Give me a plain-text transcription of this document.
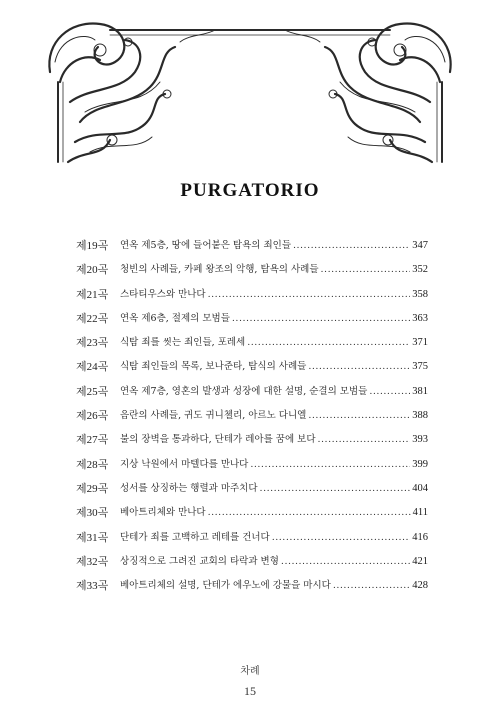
PURGATORIO
제19곡	연옥 제5층, 땅에 들어붙은 탐욕의 죄인들 .....	347
제20곡	청빈의 사례들, 카페 왕조의 악행, 탐욕의 사례들 .....	352
제21곡	스타티우스와 만나다 .....	358
제22곡	연옥 제6층, 절제의 모범들 .....	363
제23곡	식탐 죄를 씻는 죄인들, 포레세 .....	371
제24곡	식탐 죄인들의 목록, 보나준타, 탐식의 사례들 .....	375
제25곡	연옥 제7층, 영혼의 발생과 성장에 대한 설명, 순결의 모범들 .....	381
제26곡	음란의 사례들, 귀도 귀니첼리, 아르노 다니엘 .....	388
제27곡	불의 장벽을 통과하다, 단테가 레아를 꿈에 보다 .....	393
제28곡	지상 낙원에서 마텔다를 만나다 .....	399
제29곡	성서를 상징하는 행렬과 마주치다 .....	404
제30곡	베아트리체와 만나다 .....	411
제31곡	단테가 죄를 고백하고 레테를 건너다 .....	416
제32곡	상징적으로 그려진 교회의 타락과 변형 .....	421
제33곡	베아트리체의 설명, 단테가 에우노에 강물을 마시다 .....	428
차례
15
